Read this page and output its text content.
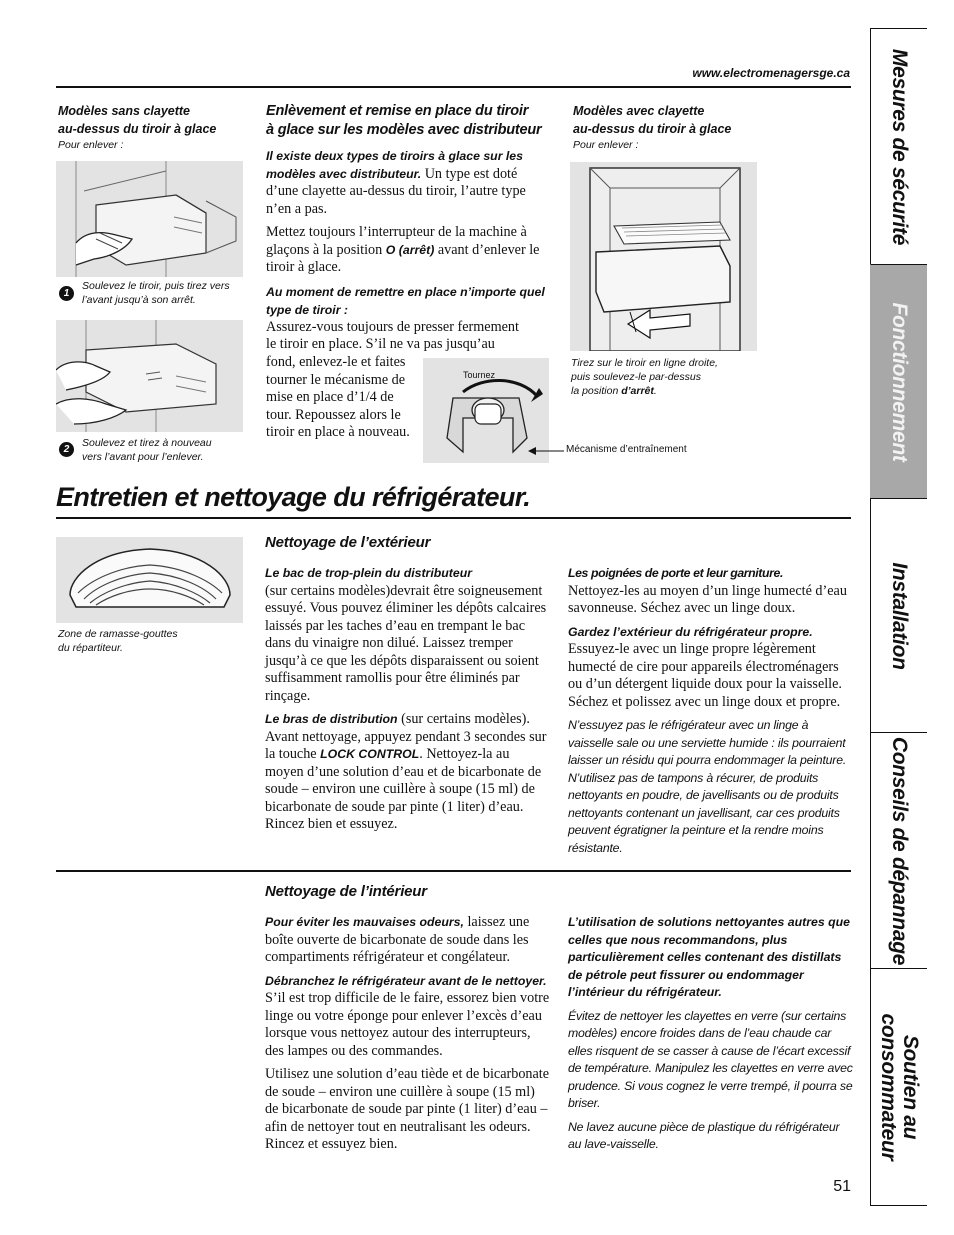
www.electromenagersge.ca Mesures de sécurité
Fonctionnement
Installation
Conseils de dépannage
Soutien au
consommateur
Modèles sans clayette
au-dessus du tiroir à glace
Pour enlever :
1
Soulevez le tiroir, puis tirez vers
l’avant jusqu’à son arrêt.
2
Soulevez et tirez à nouveau
vers l’avant pour l’enlever.
Enlèvement et remise en place du tiroir
à glace sur les modèles avec distributeur
Il existe deux types de tiroirs à glace sur les modèles avec distributeur. Un type est doté d’une clayette au-dessus du tiroir, l’autre type n’en a pas.
Mettez toujours l’interrupteur de la machine à glaçons à la position O (arrêt) avant d’enlever le tiroir à glace.
Au moment de remettre en place n’importe quel type de tiroir :
Assurez-vous toujours de presser fermement
le tiroir en place. S’il ne va pas jusqu’au
fond, enlevez-le et faites tourner le mécanisme de mise en place d’1/4 de tour. Repoussez alors le tiroir en place à nouveau.
Tournez
Mécanisme d’entraînement
Modèles avec clayette
au-dessus du tiroir à glace
Pour enlever :
Tirez sur le tiroir en ligne droite,
puis soulevez-le par-dessus
la position d’arrêt.
Entretien et nettoyage du réfrigérateur.
Zone de ramasse-gouttes
du répartiteur.
Nettoyage de l’extérieur
Le bac de trop-plein du distributeur

(sur certains modèles)devrait être soigneusement essuyé. Vous pouvez éliminer les dépôts calcaires laissés par les taches d’eau en trempant le bac dans du vinaigre non dilué. Laissez tremper jusqu’à ce que les dépôts disparaissent ou soient suffisamment ramollis pour être éliminés par rinçage.

Le bras de distribution (sur certains modèles). Avant nettoyage, appuyez pendant 3 secondes sur la touche LOCK CONTROL. Nettoyez-la au moyen d’une solution d’eau et de bicarbonate de soude – environ une cuillère à soupe (15 ml) de bicarbonate de soude par pinte (1 liter) d’eau. Rincez bien et essuyez.

Les poignées de porte et leur garniture.

Nettoyez-les au moyen d’un linge humecté d’eau savonneuse. Séchez avec un linge doux.

Gardez l’extérieur du réfrigérateur propre.

Essuyez-le avec un linge propre légèrement humecté de cire pour appareils électroménagers ou d’un détergent liquide doux pour la vaisselle. Séchez et polissez avec un linge doux et propre.

N’essuyez pas le réfrigérateur avec un linge à vaisselle sale ou une serviette humide : ils pourraient laisser un résidu qui pourra endommager la peinture. N’utilisez pas de tampons à récurer, de produits nettoyants en poudre, de javellisants ou de produits nettoyants contenant un javellisant, car ces produits peuvent égratigner la peinture et la rendre moins résistante.

Nettoyage de l’intérieur

Pour éviter les mauvaises odeurs, laissez une boîte ouverte de bicarbonate de soude dans les compartiments réfrigérateur et congélateur.

Débranchez le réfrigérateur avant de le nettoyer. S’il est trop difficile de le faire, essorez bien votre linge ou votre éponge pour enlever l’excès d’eau lorsque vous nettoyez autour des interrupteurs, des lampes ou des commandes.

Utilisez une solution d’eau tiède et de bicarbonate de soude – environ une cuillère à soupe (15 ml) de bicarbonate de soude par pinte (1 liter) d’eau – afin de nettoyer tout en neutralisant les odeurs. Rincez et essuyez bien.

L’utilisation de solutions nettoyantes autres que celles que nous recommandons, plus particulièrement celles contenant des distillats de pétrole peut fissurer ou endommager l’intérieur du réfrigérateur.

Évitez de nettoyer les clayettes en verre (sur certains modèles) encore froides dans de l’eau chaude car elles risquent de se casser à cause de l’écart excessif de température. Manipulez les clayettes en verre avec prudence. Si vous cognez le verre trempé, il pourra se briser.

Ne lavez aucune pièce de plastique du réfrigérateur au lave-vaisselle.

51
